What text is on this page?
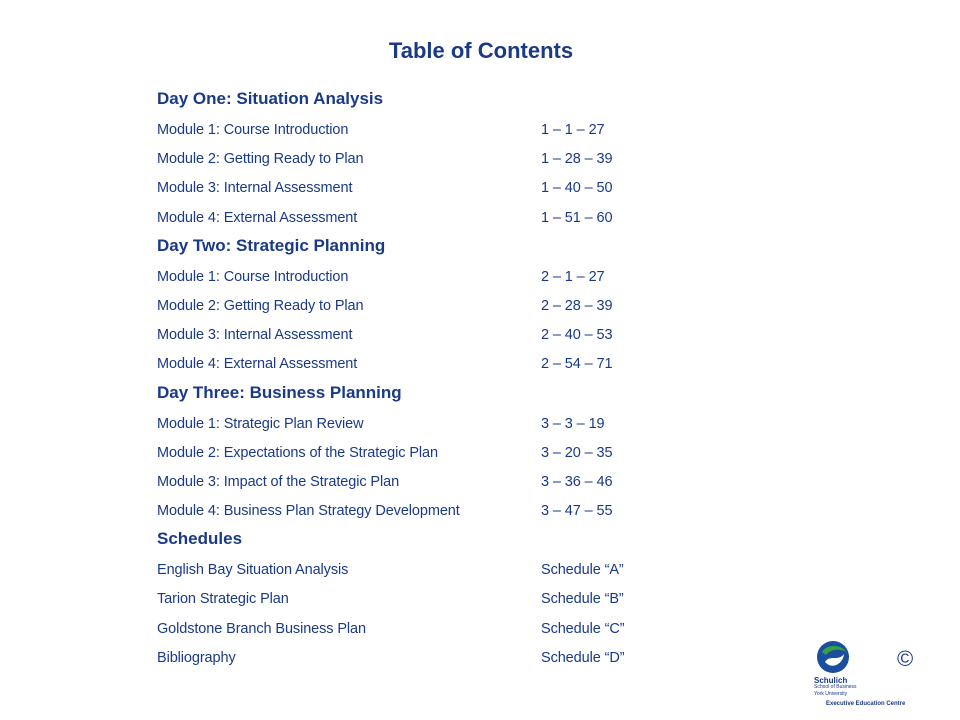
Table of Contents
Day One: Situation Analysis
Module 1: Course Introduction	1 – 1 – 27
Module 2: Getting Ready to Plan	1 – 28 – 39
Module 3: Internal Assessment	1 – 40 – 50
Module 4: External Assessment	1 – 51 – 60
Day Two: Strategic Planning
Module 1: Course Introduction	2 – 1 – 27
Module 2: Getting Ready to Plan	2 – 28 – 39
Module 3: Internal Assessment	2 – 40 – 53
Module 4: External Assessment	2 – 54 – 71
Day Three: Business Planning
Module 1: Strategic Plan Review	3 – 3 – 19
Module 2: Expectations of the Strategic Plan	3 – 20 – 35
Module 3: Impact of the Strategic Plan	3 – 36 – 46
Module 4: Business Plan Strategy Development	3 – 47 – 55
Schedules
English Bay Situation Analysis	Schedule “A”
Tarion Strategic Plan	Schedule “B”
Goldstone Branch Business Plan	Schedule “C”
Bibliography	Schedule “D”
Schulich
School of Business
York University
Executive Education Centre
©
